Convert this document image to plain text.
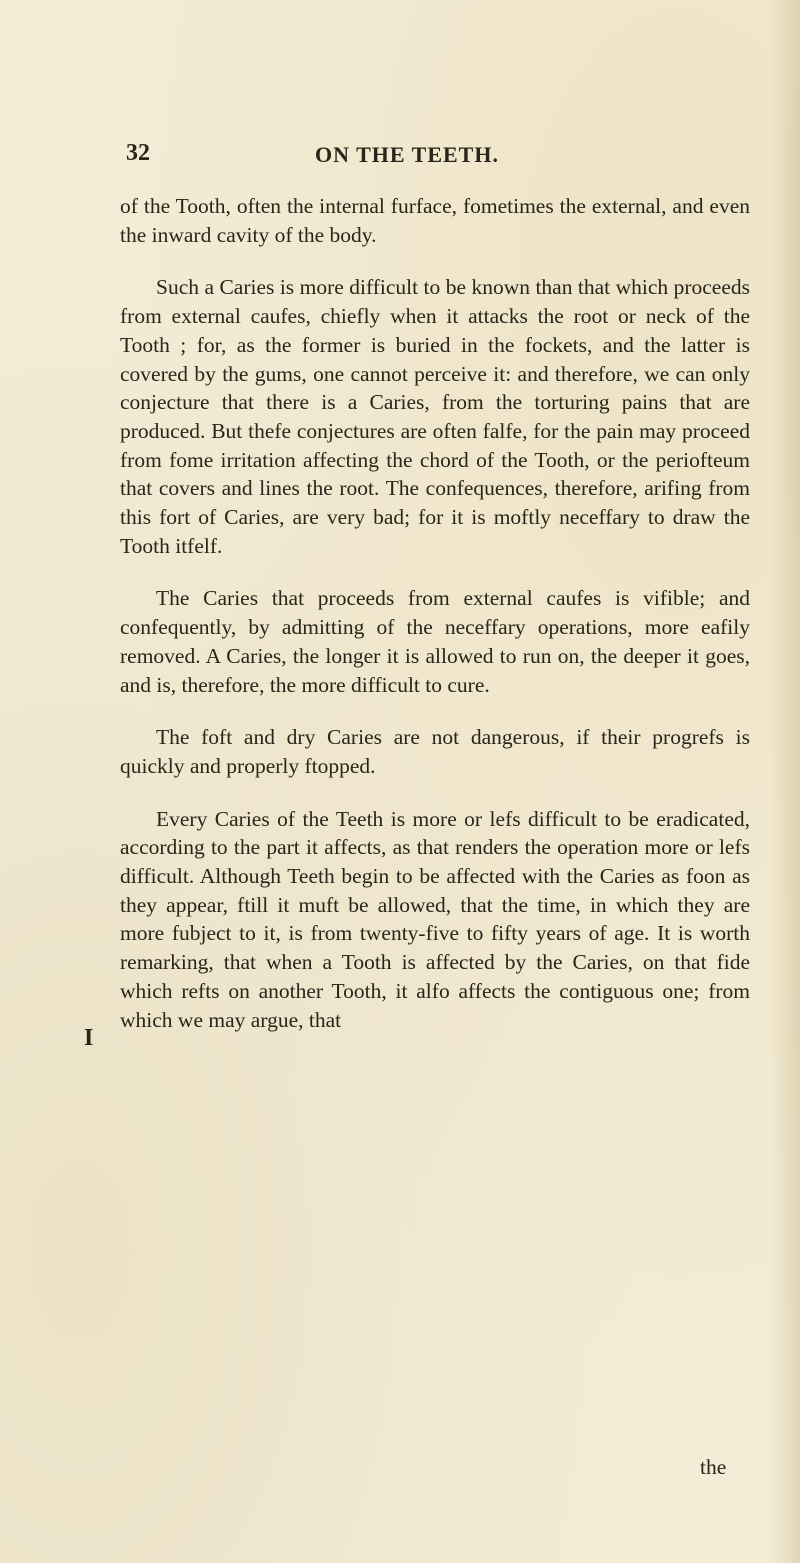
32	ON THE TEETH.
I

of the Tooth, often the internal furface, fometimes the external, and even the inward cavity of the body.

Such a Caries is more difficult to be known than that which proceeds from external caufes, chiefly when it attacks the root or neck of the Tooth ; for, as the former is buried in the fockets, and the latter is covered by the gums, one cannot perceive it: and therefore, we can only conjecture that there is a Caries, from the torturing pains that are produced. But thefe conjectures are often falfe, for the pain may proceed from fome irritation affecting the chord of the Tooth, or the periofteum that covers and lines the root. The confequences, therefore, arifing from this fort of Caries, are very bad; for it is moftly neceffary to draw the Tooth itfelf.

The Caries that proceeds from external caufes is vifible; and confequently, by admitting of the neceffary operations, more eafily removed. A Caries, the longer it is allowed to run on, the deeper it goes, and is, therefore, the more difficult to cure.

The foft and dry Caries are not dangerous, if their progrefs is quickly and properly ftopped.

Every Caries of the Teeth is more or lefs difficult to be eradicated, according to the part it affects, as that renders the operation more or lefs difficult. Although Teeth begin to be affected with the Caries as foon as they appear, ftill it muft be allowed, that the time, in which they are more fubject to it, is from twenty-five to fifty years of age. It is worth remarking, that when a Tooth is affected by the Caries, on that fide which refts on another Tooth, it alfo affects the contiguous one; from which we may argue, that

the
